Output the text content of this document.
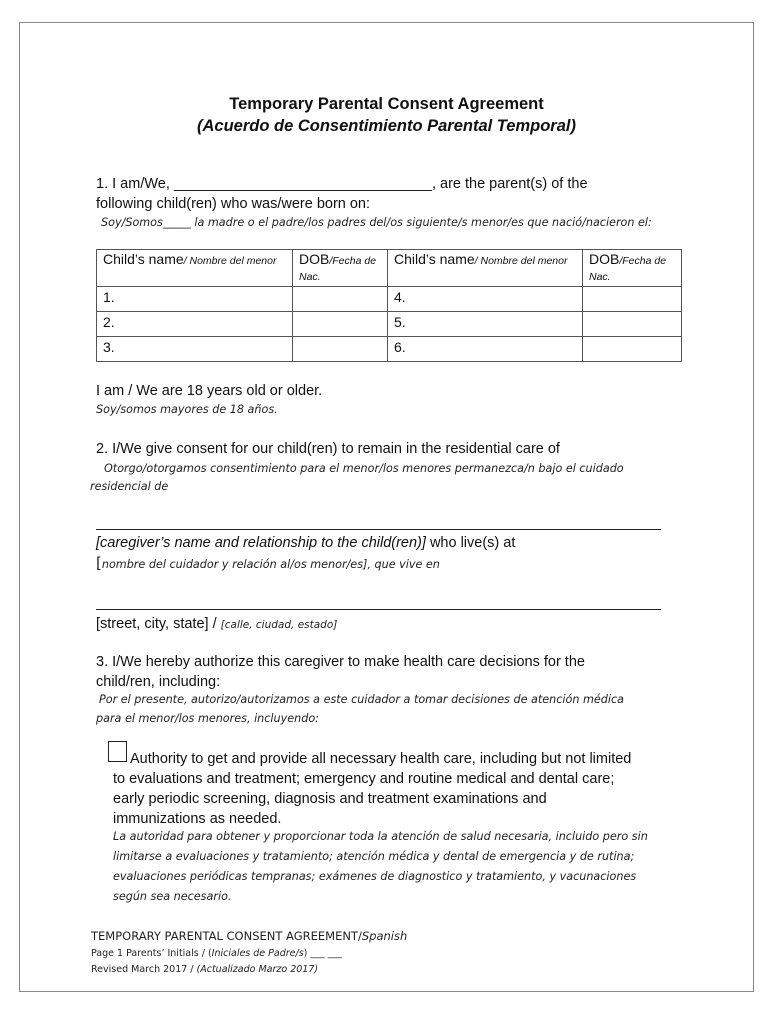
Temporary Parental Consent Agreement
(Acuerdo de Consentimiento Parental Temporal)
1. I am/We, ________________________________, are the parent(s) of the
following child(ren) who was/were born on:
Soy/Somos_____ la madre o el padre/los padres del/os siguiente/s menor/es que nació/nacieron el:
Child’s name/ Nombre del menor	DOB/Fecha de Nac.	Child’s name/ Nombre del menor	DOB/Fecha de Nac.
1.		4.	
2.		5.	
3.		6.	
I am / We are 18 years old or older.
Soy/somos mayores de 18 años.
2. I/We give consent for our child(ren) to remain in the residential care of
Otorgo/otorgamos consentimiento para el menor/los menores permanezca/n bajo el cuidado
residencial de
[caregiver’s name and relationship to the child(ren)] who live(s) at
[nombre del cuidador y relación al/os menor/es], que vive en
[street, city, state] / [calle, ciudad, estado]
3. I/We hereby authorize this caregiver to make health care decisions for the
child/ren, including:
Por el presente, autorizo/autorizamos a este cuidador a tomar decisiones de atención médica
para el menor/los menores, incluyendo:
Authority to get and provide all necessary health care, including but not limited
to evaluations and treatment; emergency and routine medical and dental care;
early periodic screening, diagnosis and treatment examinations and
immunizations as needed.
La autoridad para obtener y proporcionar toda la atención de salud necesaria, incluido pero sin
limitarse a evaluaciones y tratamiento; atención médica y dental de emergencia y de rutina;
evaluaciones periódicas tempranas; exámenes de diagnostico y tratamiento, y vacunaciones
según sea necesario.
TEMPORARY PARENTAL CONSENT AGREEMENT/Spanish
Page 1 Parents’ Initials / (Iniciales de Padre/s) ___ ___
Revised March 2017 / (Actualizado Marzo 2017)
